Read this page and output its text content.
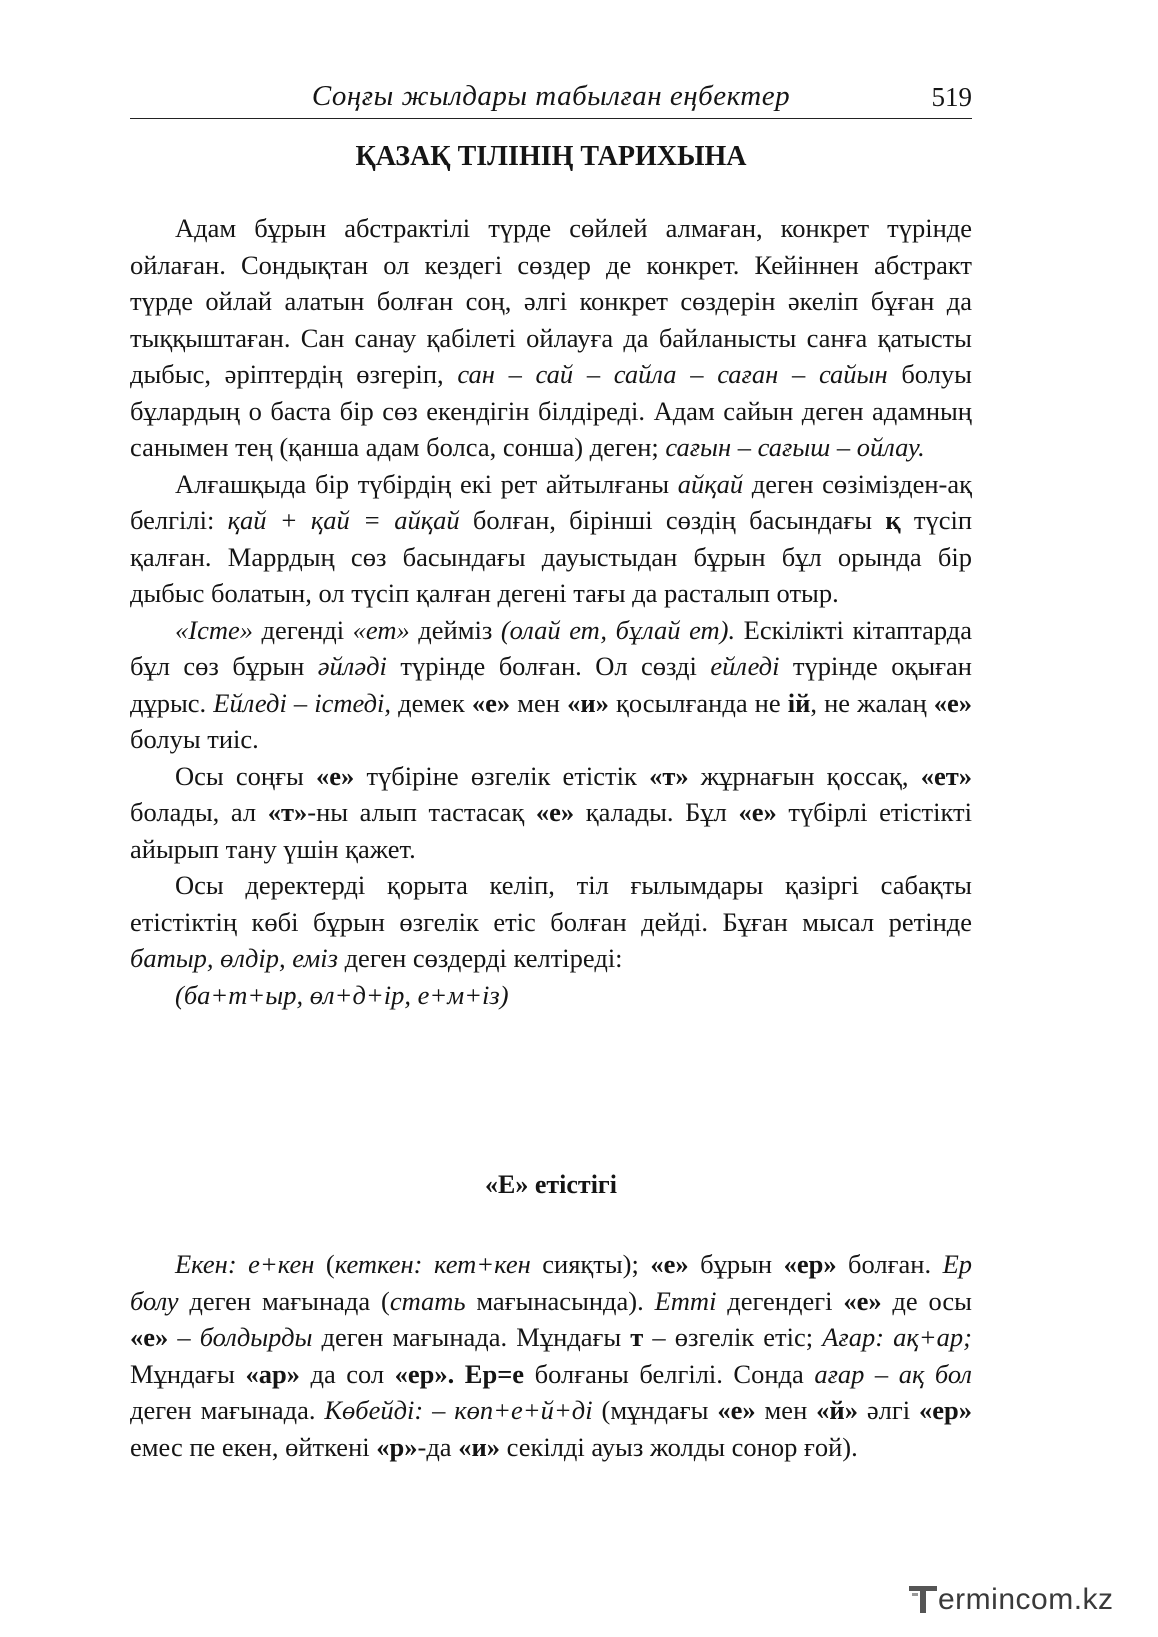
Соңғы жылдары табылған еңбектер	519
ҚАЗАҚ ТІЛІНІҢ ТАРИХЫНА

Адам бұрын абстрактілі түрде сөйлей алмаған, конкрет түрінде ойлаған. Сондықтан ол кездегі сөздер де конкрет. Кейіннен абстракт түрде ойлай алатын болған соң, әлгі конкрет сөздерін әкеліп бұған да тыққыштаған. Сан санау қабілеті ойлауға да байланысты санға қатысты дыбыс, әріптердің өзгеріп, сан – сай – сайла – саған – сайын болуы бұлардың о баста бір сөз екендігін білдіреді. Адам сайын деген адамның санымен тең (қанша адам болса, сонша) деген; сағын – сағыш – ойлау.

Алғашқыда бір түбірдің екі рет айтылғаны айқай деген сөзімізден-ақ белгілі: қай + қай = айқай болған, бірінші сөздің басындағы қ түсіп қалған. Маррдың сөз басындағы дауыстыдан бұрын бұл орында бір дыбыс болатын, ол түсіп қалған дегені тағы да расталып отыр.

«Істе» дегенді «ет» дейміз (олай ет, бұлай ет). Ескілікті кітаптарда бұл сөз бұрын әйләді түрінде болған. Ол сөзді ейледі түрінде оқыған дұрыс. Ейледі – істеді, демек «е» мен «и» қосылғанда не ій, не жалаң «е» болуы тиіс.

Осы соңғы «е» түбіріне өзгелік етістік «т» жұрнағын қоссақ, «ет» болады, ал «т»-ны алып тастасақ «е» қалады. Бұл «е» түбірлі етістікті айырып тану үшін қажет.

Осы деректерді қорыта келіп, тіл ғылымдары қазіргі сабақты етістіктің көбі бұрын өзгелік етіс болған дейді. Бұған мысал ретінде батыр, өлдір, еміз деген сөздерді келтіреді:

(ба+т+ыр, өл+д+ір, е+м+із)

«Е» етістігі

Екен: е+кен (кеткен: кет+кен сияқты); «е» бұрын «ер» болған. Ер болу деген мағынада (стать мағынасында). Етті дегендегі «е» де осы «е» – болдырды деген мағынада. Мұндағы т – өзгелік етіс; Ағар: ақ+ар; Мұндағы «ар» да сол «ер». Ер=е болғаны белгілі. Сонда ағар – ақ бол деген мағынада. Көбейді: – көп+е+й+ді (мұндағы «е» мен «й» әлгі «ер» емес пе екен, өйткені «р»-да «и» секілді ауыз жолды сонор ғой).

ermincom.kz
